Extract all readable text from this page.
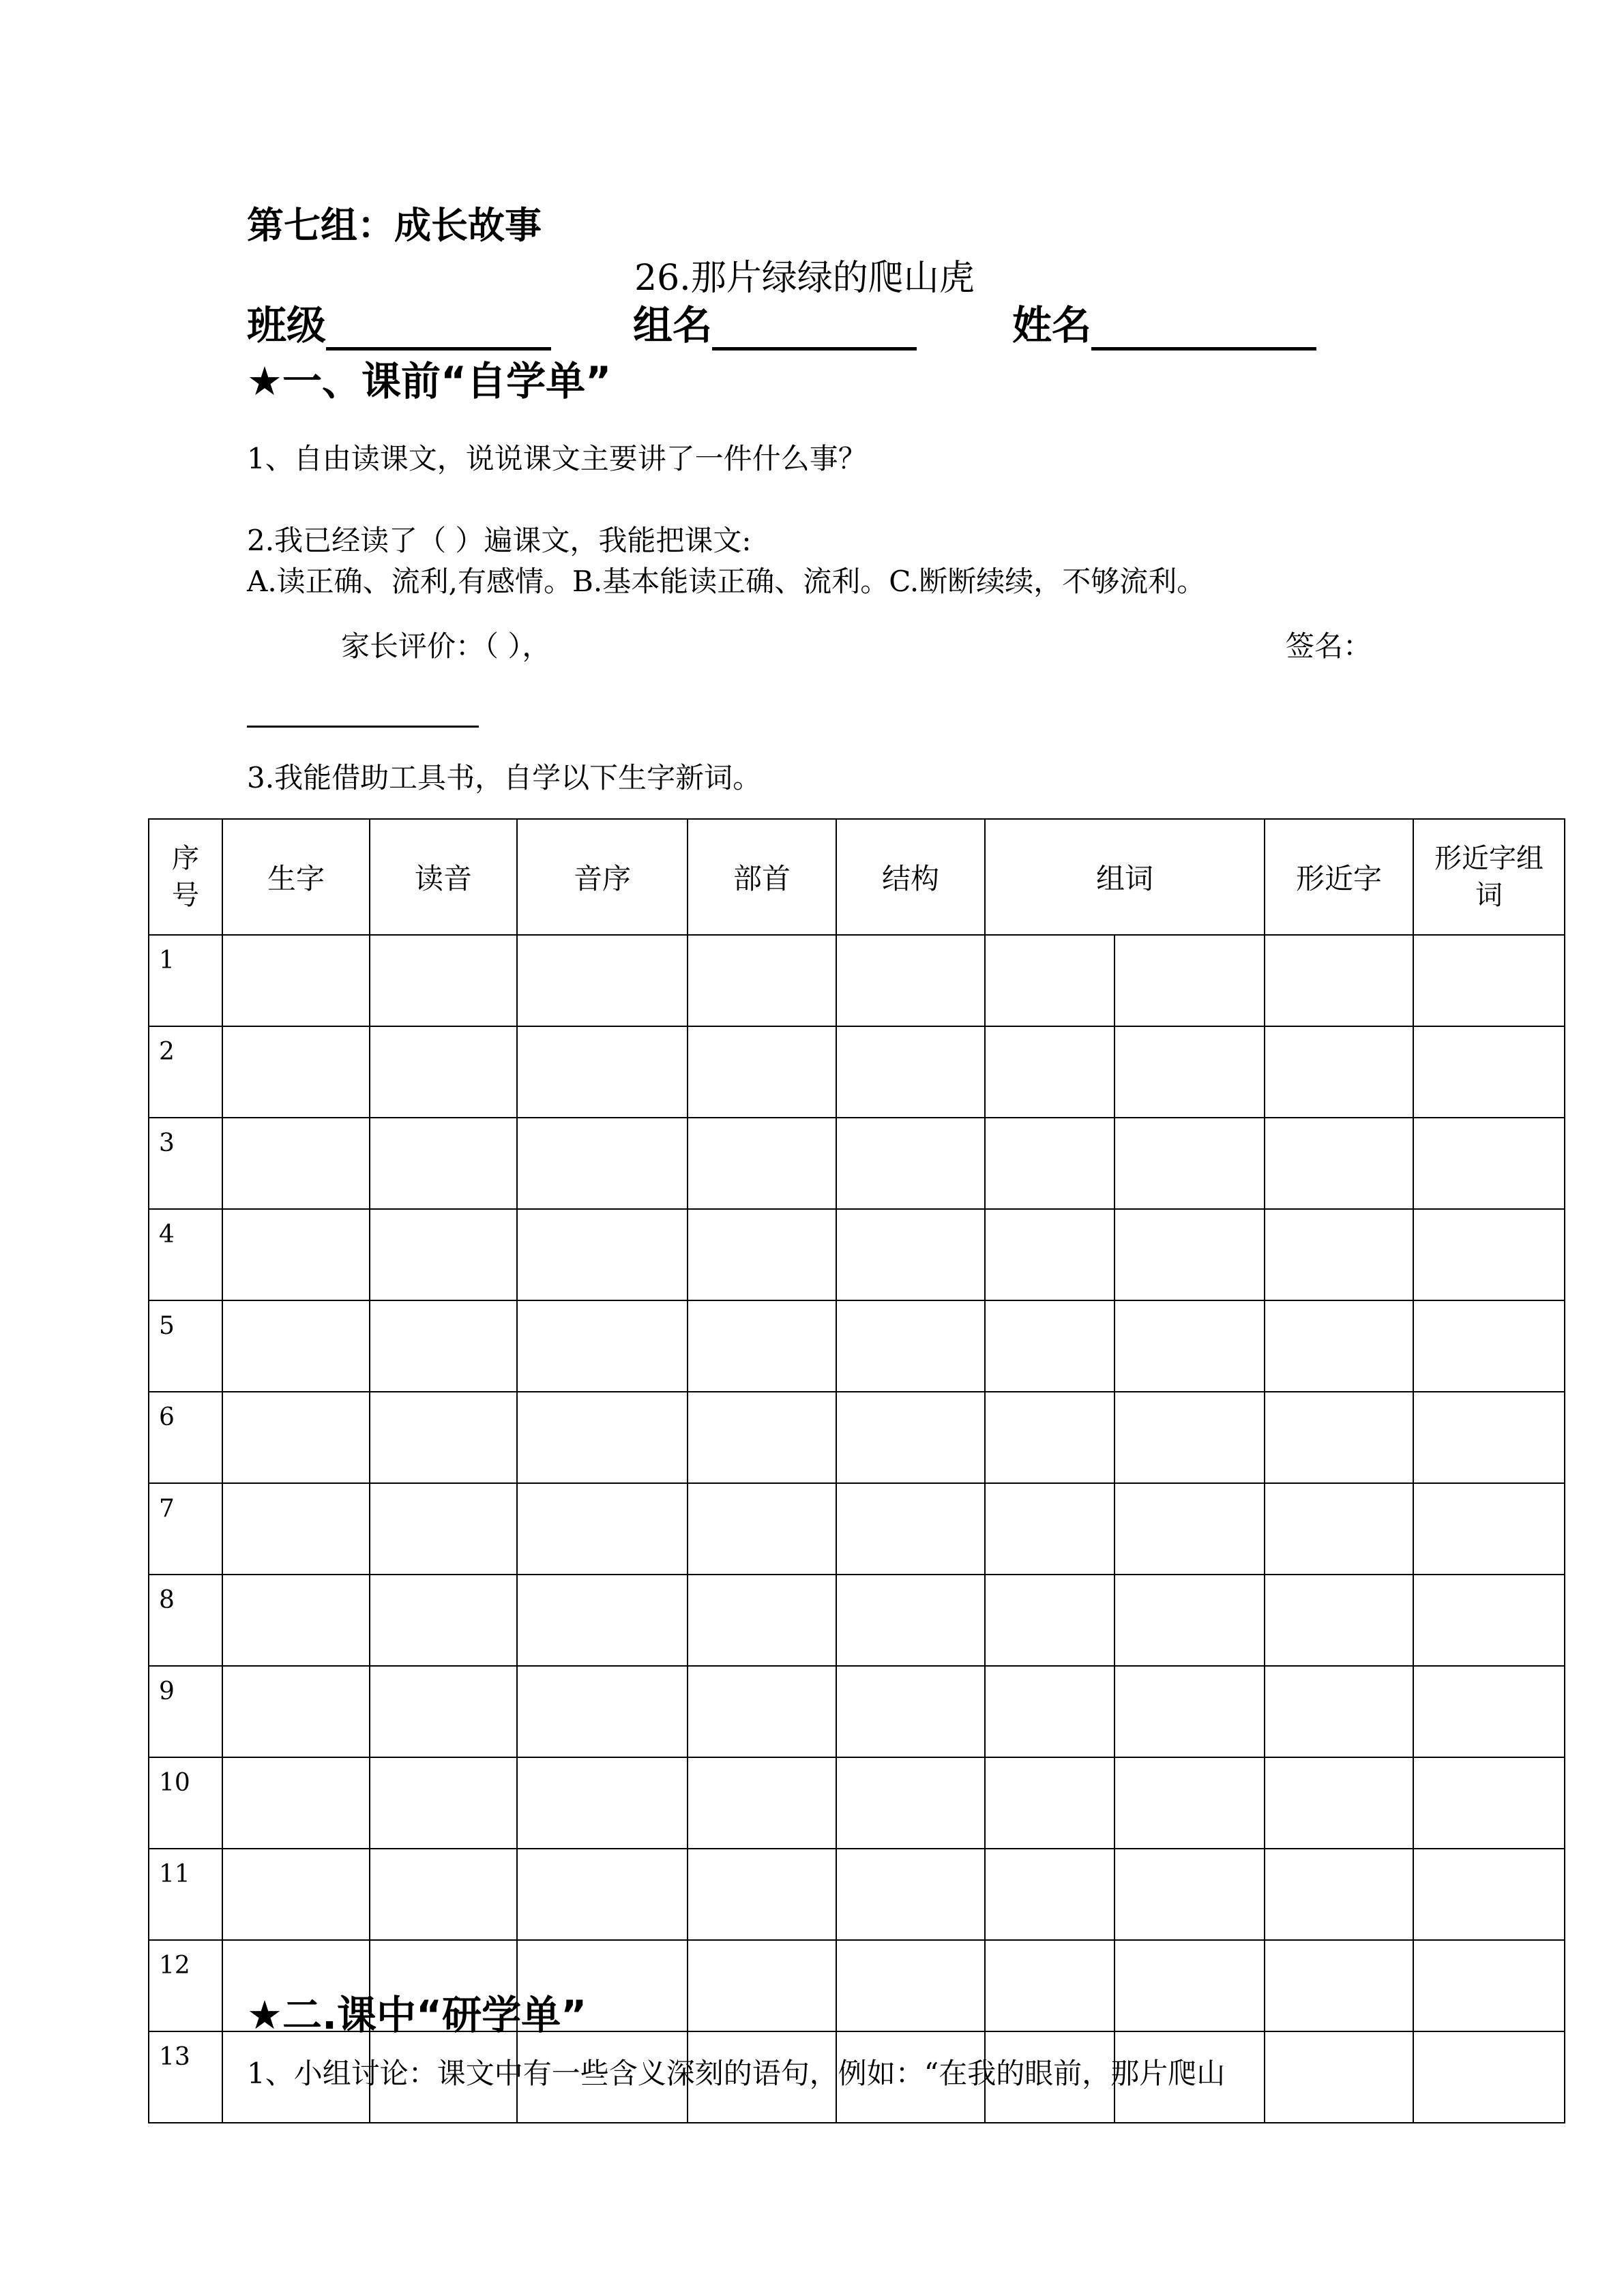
第七组：成长故事
26.那片绿绿的爬山虎
班级	组名	姓名
★一、课前“自学单”
1、自由读课文，说说课文主要讲了一件什么事？
2.我已经读了（ ）遍课文，我能把课文:
A.读正确、流利,有感情。B.基本能读正确、流利。C.断断续续，不够流利。
家长评价：（ ），	签名：
3.我能借助工具书，自学以下生字新词。
序号	生字	读音	音序	部首	结构	组词		形近字	形近字组词
1									
2									
3									
4									
5									
6									
7									
8									
9									
10									
11									
12									
13									
★二.课中“研学单”
1、小组讨论：课文中有一些含义深刻的语句，例如：“在我的眼前，那片爬山
